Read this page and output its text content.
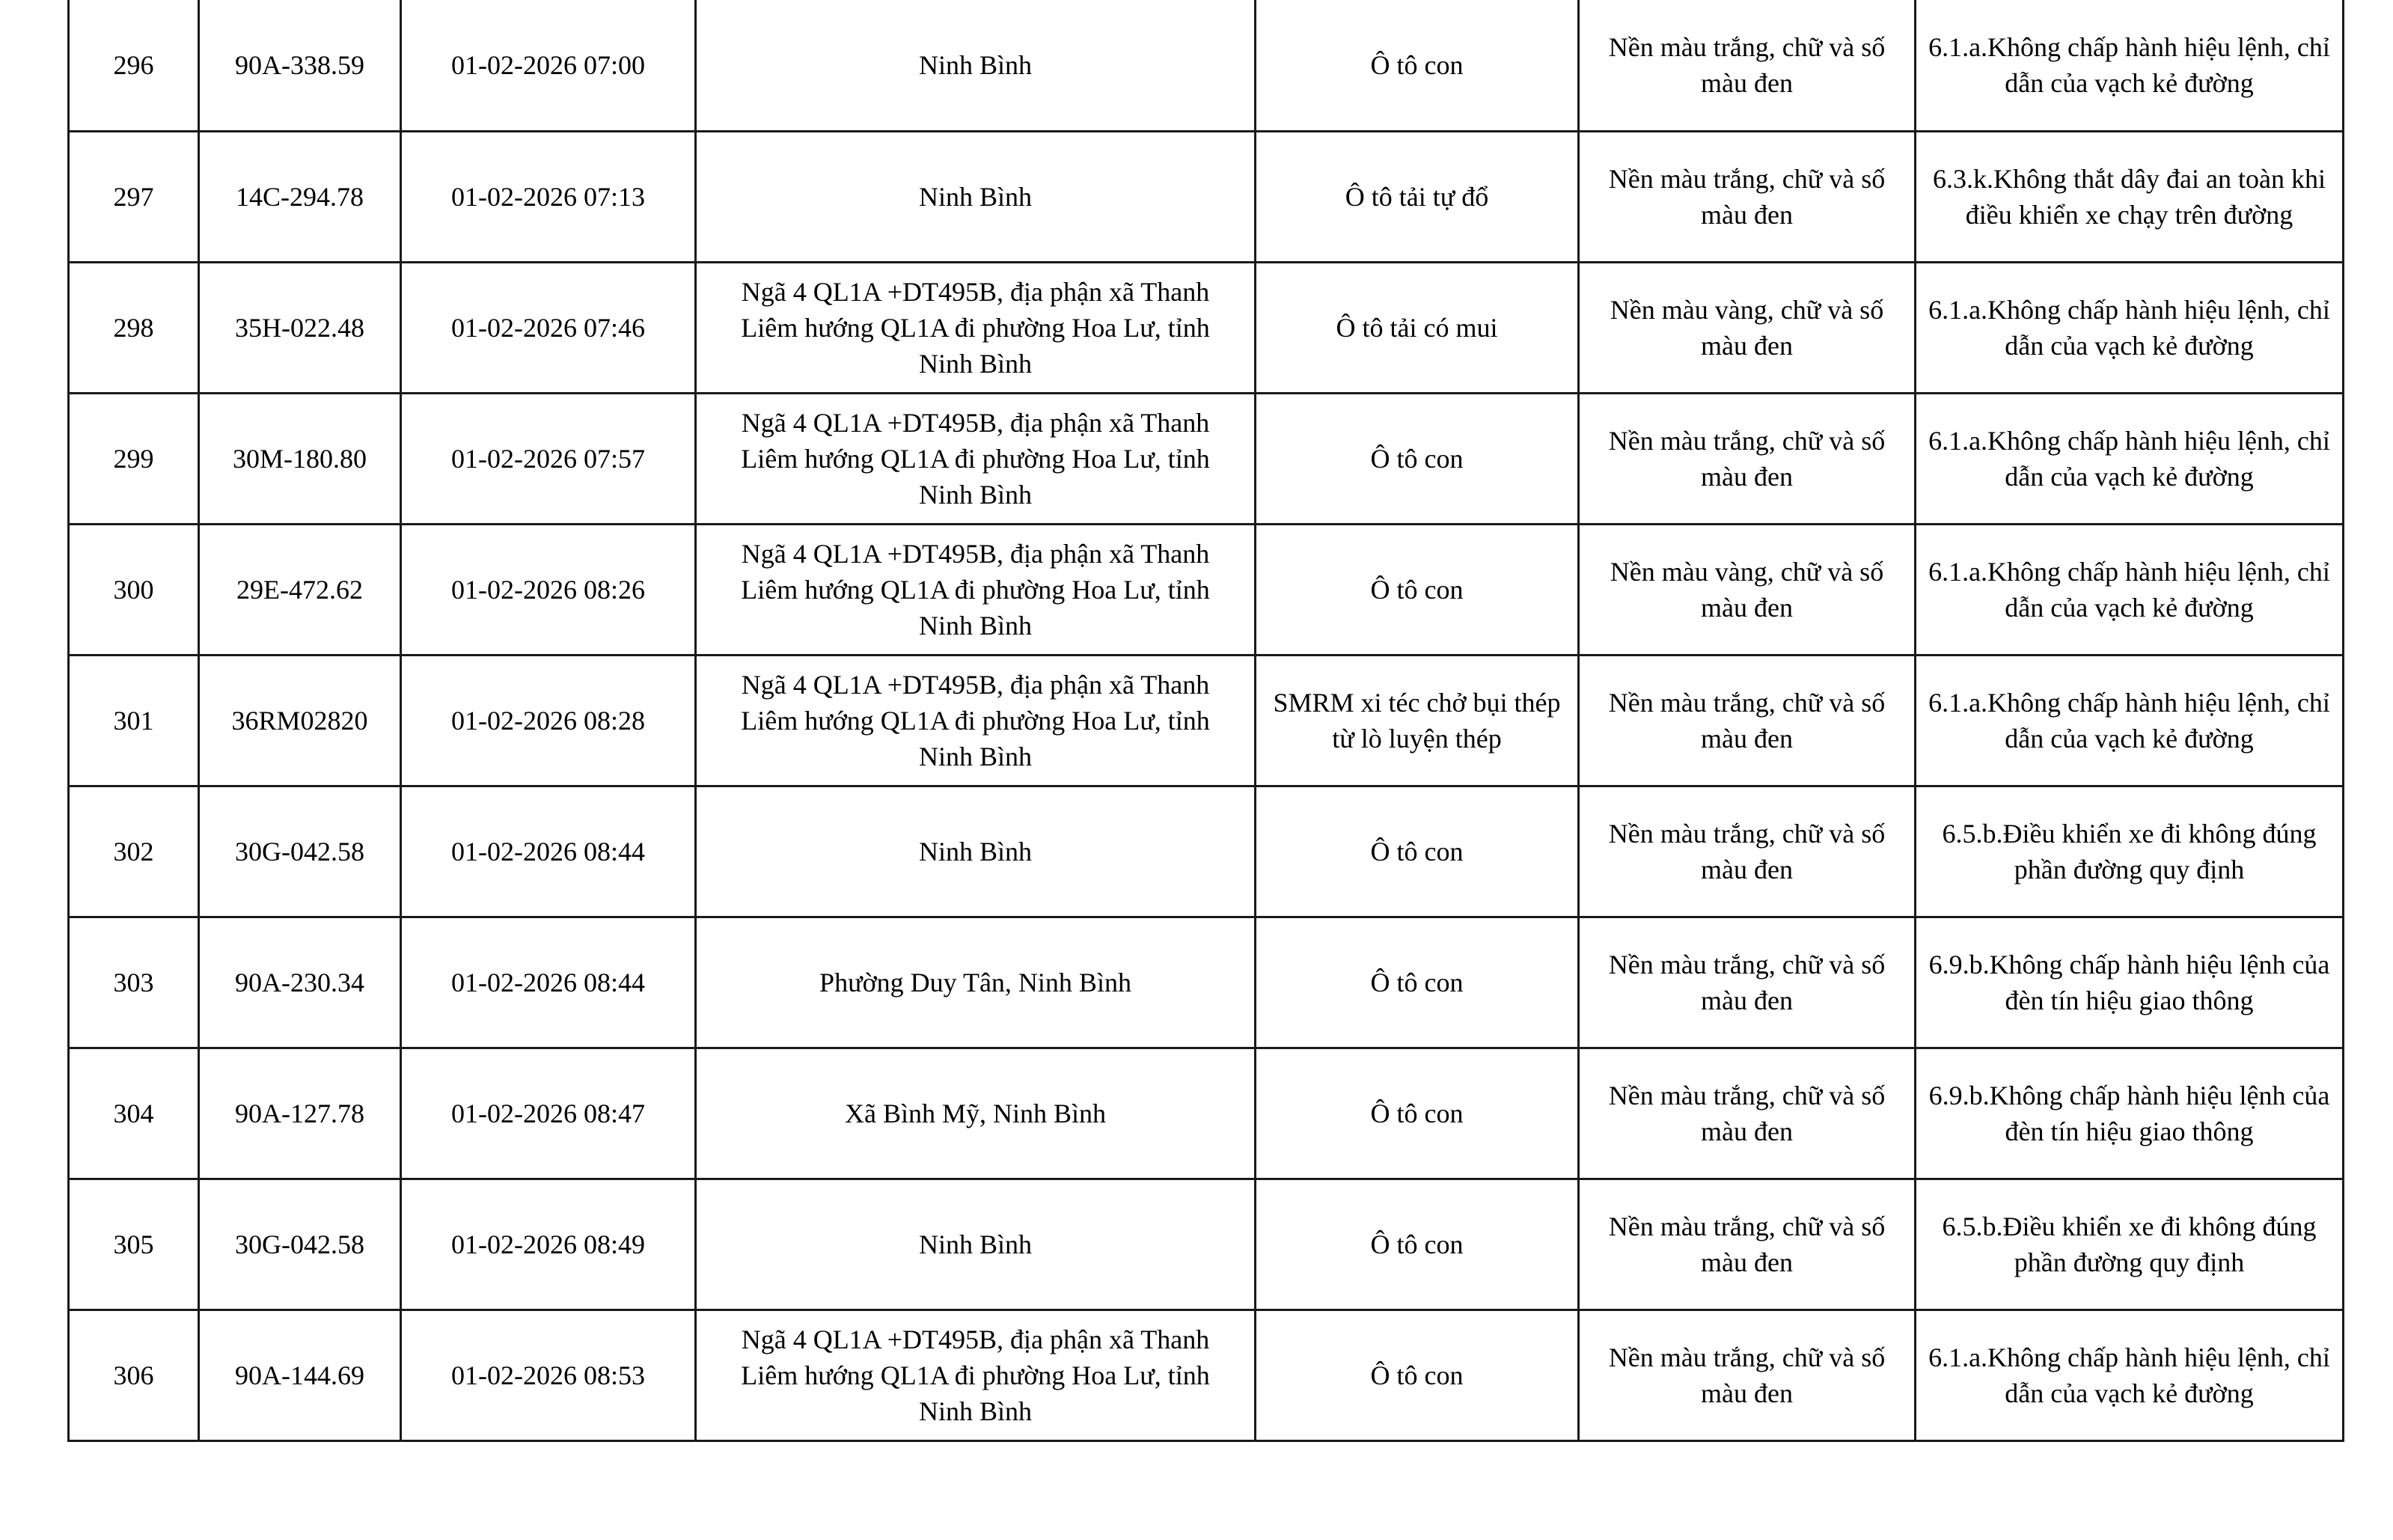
296	90A-338.59	01-02-2026 07:00	Ninh Bình	Ô tô con	Nền màu trắng, chữ và số màu đen	6.1.a.Không chấp hành hiệu lệnh, chỉ dẫn của vạch kẻ đường
297	14C-294.78	01-02-2026 07:13	Ninh Bình	Ô tô tải tự đổ	Nền màu trắng, chữ và số màu đen	6.3.k.Không thắt dây đai an toàn khi điều khiển xe chạy trên đường
298	35H-022.48	01-02-2026 07:46	Ngã 4 QL1A +DT495B, địa phận xã Thanh Liêm hướng QL1A đi phường Hoa Lư, tỉnh Ninh Bình	Ô tô tải có mui	Nền màu vàng, chữ và số màu đen	6.1.a.Không chấp hành hiệu lệnh, chỉ dẫn của vạch kẻ đường
299	30M-180.80	01-02-2026 07:57	Ngã 4 QL1A +DT495B, địa phận xã Thanh Liêm hướng QL1A đi phường Hoa Lư, tỉnh Ninh Bình	Ô tô con	Nền màu trắng, chữ và số màu đen	6.1.a.Không chấp hành hiệu lệnh, chỉ dẫn của vạch kẻ đường
300	29E-472.62	01-02-2026 08:26	Ngã 4 QL1A +DT495B, địa phận xã Thanh Liêm hướng QL1A đi phường Hoa Lư, tỉnh Ninh Bình	Ô tô con	Nền màu vàng, chữ và số màu đen	6.1.a.Không chấp hành hiệu lệnh, chỉ dẫn của vạch kẻ đường
301	36RM02820	01-02-2026 08:28	Ngã 4 QL1A +DT495B, địa phận xã Thanh Liêm hướng QL1A đi phường Hoa Lư, tỉnh Ninh Bình	SMRM xi téc chở bụi thép từ lò luyện thép	Nền màu trắng, chữ và số màu đen	6.1.a.Không chấp hành hiệu lệnh, chỉ dẫn của vạch kẻ đường
302	30G-042.58	01-02-2026 08:44	Ninh Bình	Ô tô con	Nền màu trắng, chữ và số màu đen	6.5.b.Điều khiển xe đi không đúng phần đường quy định
303	90A-230.34	01-02-2026 08:44	Phường Duy Tân, Ninh Bình	Ô tô con	Nền màu trắng, chữ và số màu đen	6.9.b.Không chấp hành hiệu lệnh của đèn tín hiệu giao thông
304	90A-127.78	01-02-2026 08:47	Xã Bình Mỹ, Ninh Bình	Ô tô con	Nền màu trắng, chữ và số màu đen	6.9.b.Không chấp hành hiệu lệnh của đèn tín hiệu giao thông
305	30G-042.58	01-02-2026 08:49	Ninh Bình	Ô tô con	Nền màu trắng, chữ và số màu đen	6.5.b.Điều khiển xe đi không đúng phần đường quy định
306	90A-144.69	01-02-2026 08:53	Ngã 4 QL1A +DT495B, địa phận xã Thanh Liêm hướng QL1A đi phường Hoa Lư, tỉnh Ninh Bình	Ô tô con	Nền màu trắng, chữ và số màu đen	6.1.a.Không chấp hành hiệu lệnh, chỉ dẫn của vạch kẻ đường
